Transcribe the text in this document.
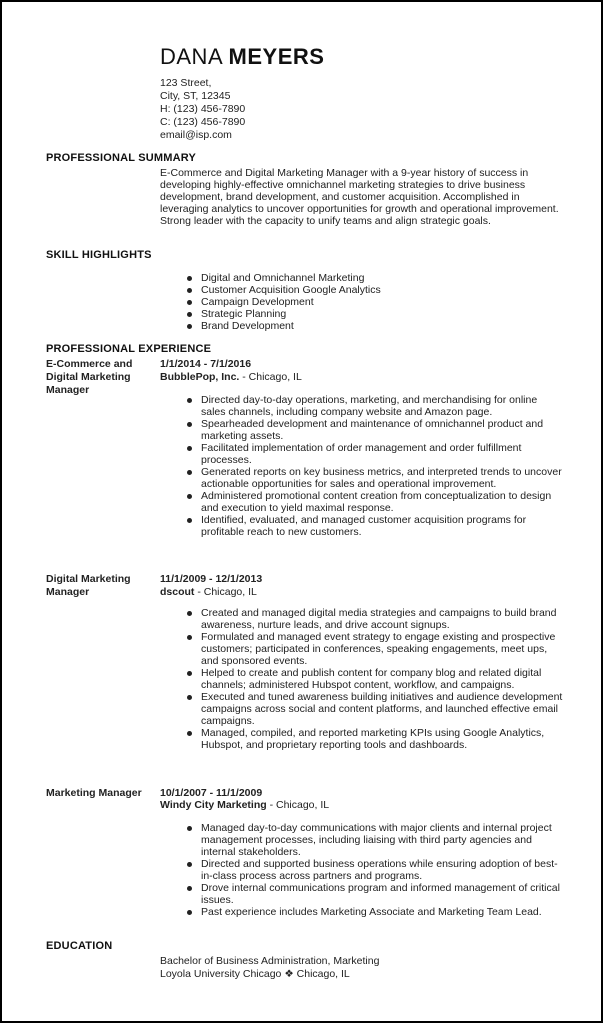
DANA MEYERS
123 Street,
City, ST, 12345
H: (123) 456-7890
C: (123) 456-7890
email@isp.com
PROFESSIONAL SUMMARY
E-Commerce and Digital Marketing Manager with a 9-year history of success in developing highly-effective omnichannel marketing strategies to drive business development, brand development, and customer acquisition. Accomplished in leveraging analytics to uncover opportunities for growth and operational improvement. Strong leader with the capacity to unify teams and align strategic goals.
SKILL HIGHLIGHTS
Digital and Omnichannel Marketing
Customer Acquisition Google Analytics
Campaign Development
Strategic Planning
Brand Development
PROFESSIONAL EXPERIENCE
E-Commerce and Digital Marketing Manager
1/1/2014 - 7/1/2016
BubblePop, Inc. - Chicago, IL
Directed day-to-day operations, marketing, and merchandising for online sales channels, including company website and Amazon page.
Spearheaded development and maintenance of omnichannel product and marketing assets.
Facilitated implementation of order management and order fulfillment processes.
Generated reports on key business metrics, and interpreted trends to uncover actionable opportunities for sales and operational improvement.
Administered promotional content creation from conceptualization to design and execution to yield maximal response.
Identified, evaluated, and managed customer acquisition programs for profitable reach to new customers.
Digital Marketing Manager
11/1/2009 - 12/1/2013
dscout - Chicago, IL
Created and managed digital media strategies and campaigns to build brand awareness, nurture leads, and drive account signups.
Formulated and managed event strategy to engage existing and prospective customers; participated in conferences, speaking engagements, meet ups, and sponsored events.
Helped to create and publish content for company blog and related digital channels; administered Hubspot content, workflow, and campaigns.
Executed and tuned awareness building initiatives and audience development campaigns across social and content platforms, and launched effective email campaigns.
Managed, compiled, and reported marketing KPIs using Google Analytics, Hubspot, and proprietary reporting tools and dashboards.
Marketing Manager	10/1/2007 - 11/1/2009
Windy City Marketing - Chicago, IL
Managed day-to-day communications with major clients and internal project management processes, including liaising with third party agencies and internal stakeholders.
Directed and supported business operations while ensuring adoption of best-in-class process across partners and programs.
Drove internal communications program and informed management of critical issues.
Past experience includes Marketing Associate and Marketing Team Lead.
EDUCATION
Bachelor of Business Administration, Marketing
Loyola University Chicago ❖ Chicago, IL
